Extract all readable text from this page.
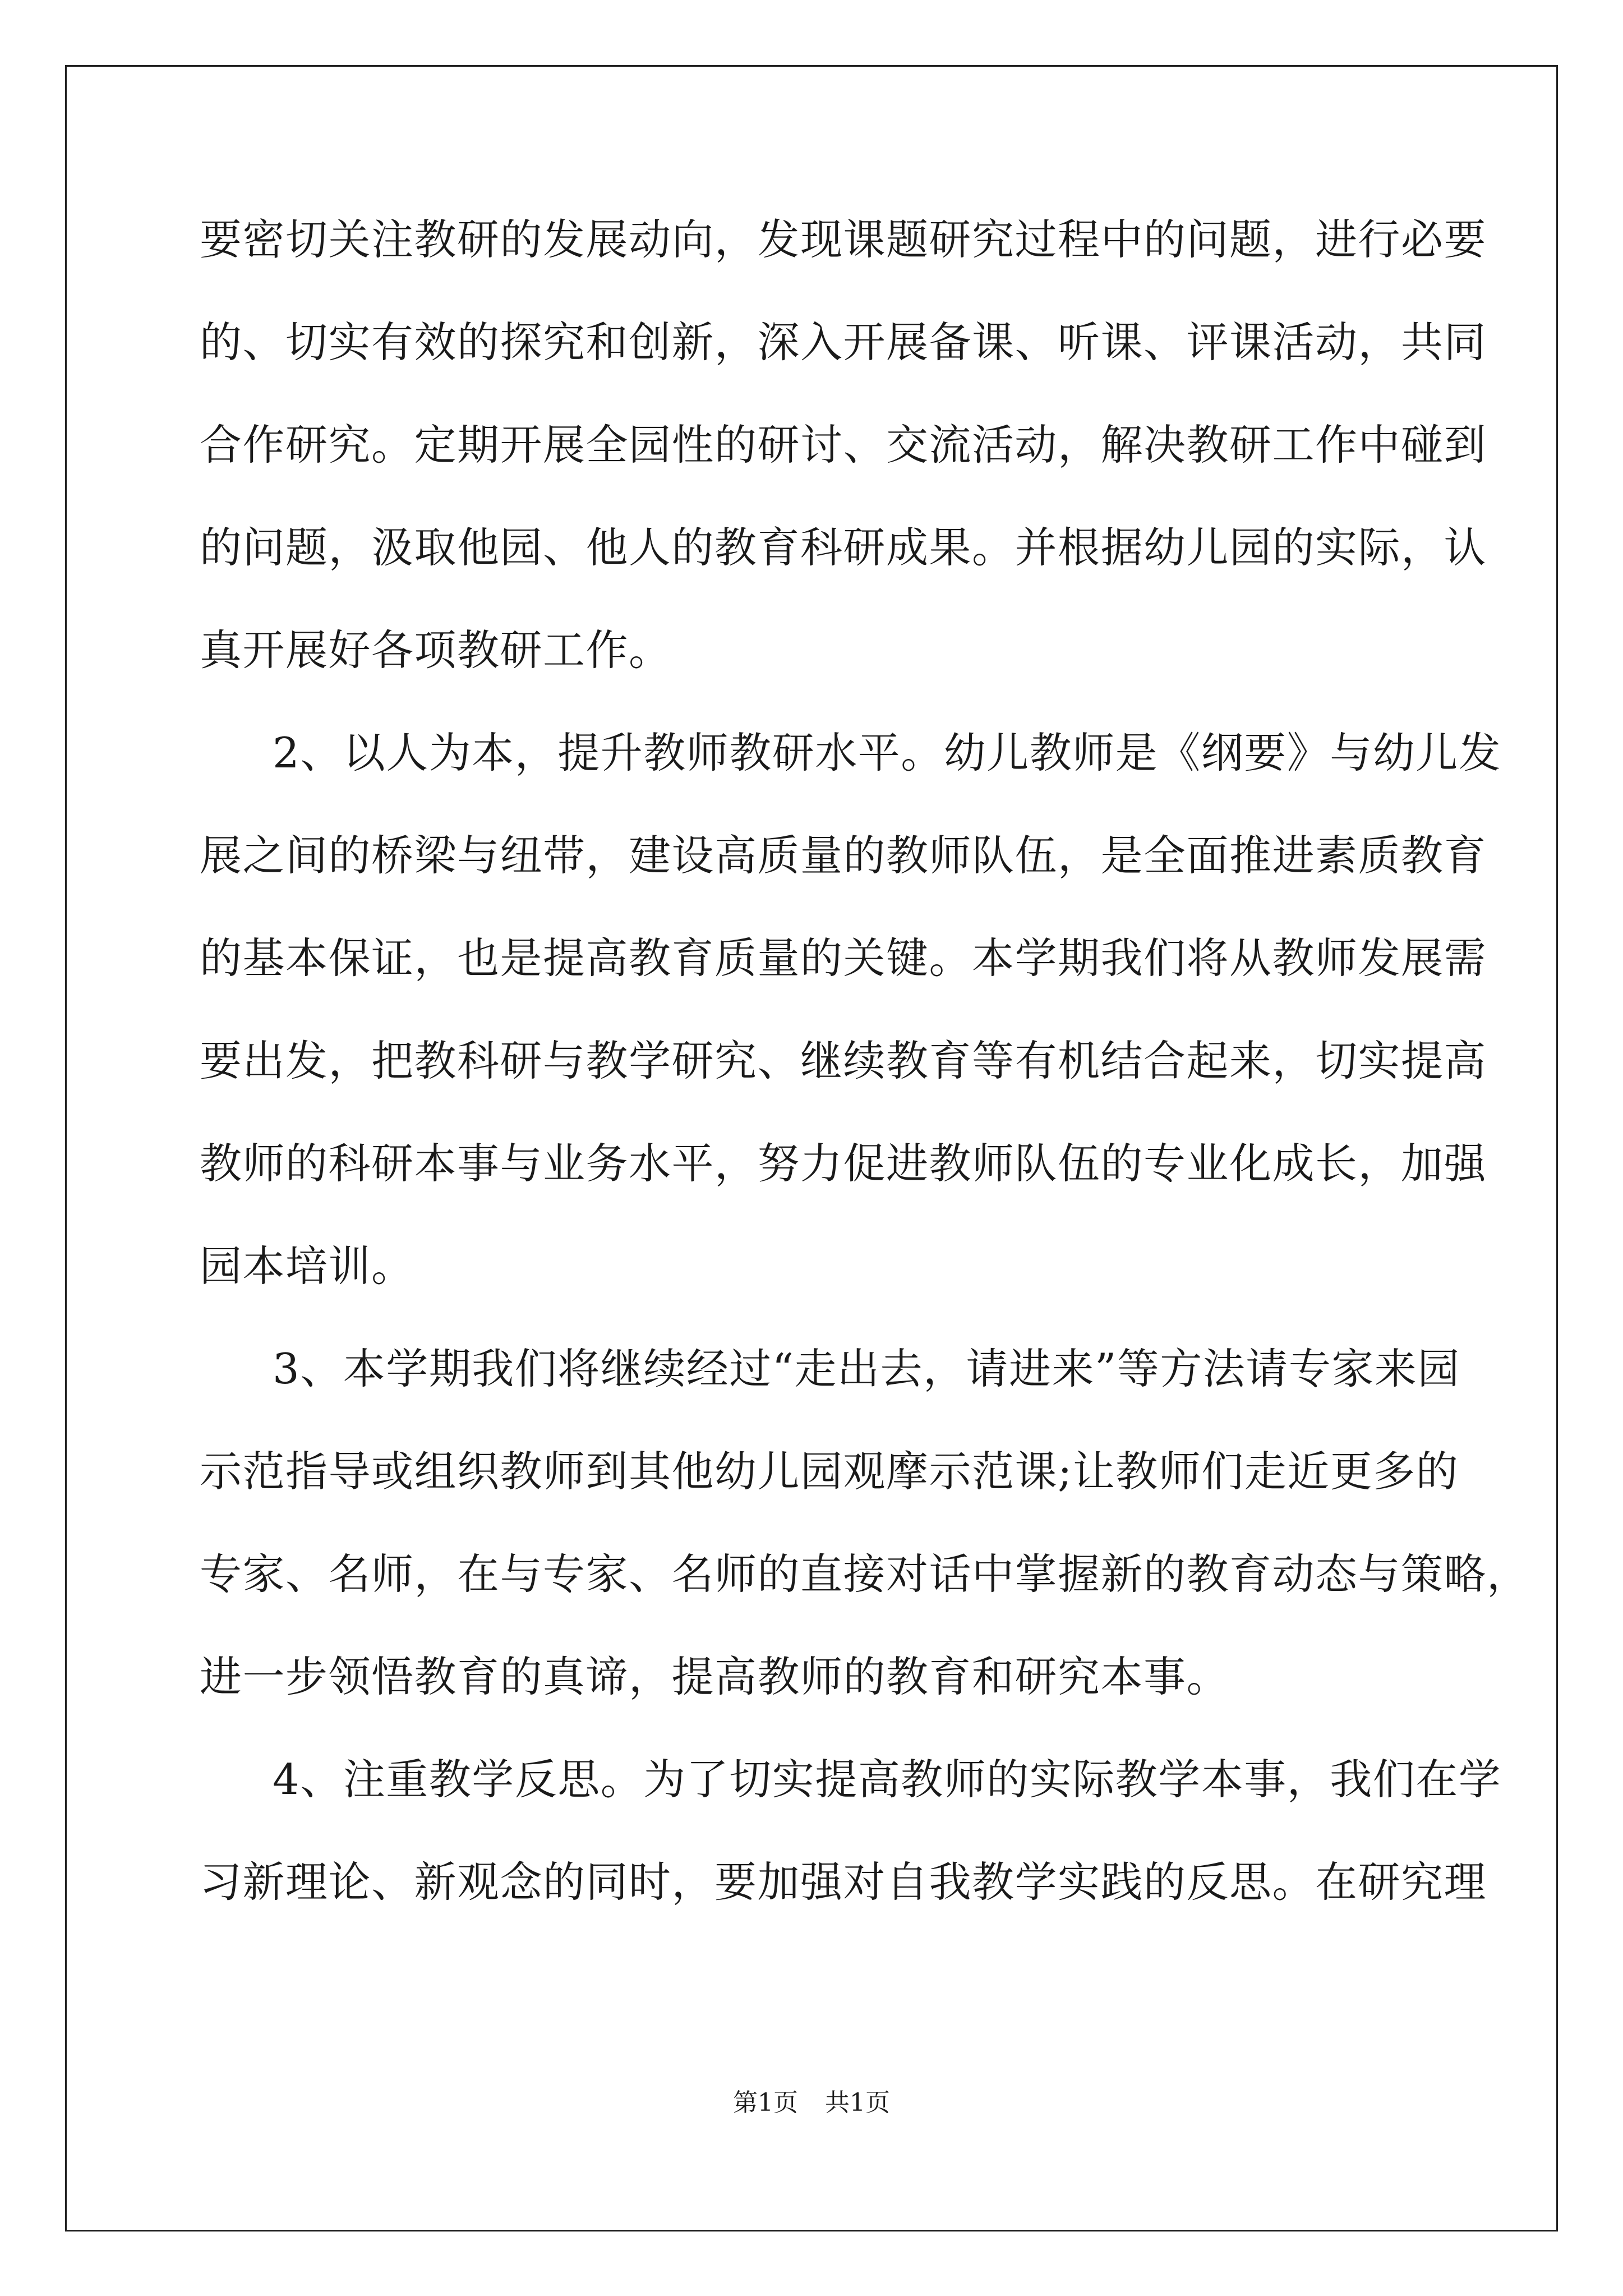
要密切关注教研的发展动向，发现课题研究过程中的问题，进行必要
的、切实有效的探究和创新，深入开展备课、听课、评课活动，共同
合作研究。定期开展全园性的研讨、交流活动，解决教研工作中碰到
的问题，汲取他园、他人的教育科研成果。并根据幼儿园的实际，认
真开展好各项教研工作。
2、以人为本，提升教师教研水平。幼儿教师是《纲要》与幼儿发
展之间的桥梁与纽带，建设高质量的教师队伍，是全面推进素质教育
的基本保证，也是提高教育质量的关键。本学期我们将从教师发展需
要出发，把教科研与教学研究、继续教育等有机结合起来，切实提高
教师的科研本事与业务水平，努力促进教师队伍的专业化成长，加强
园本培训。
3、本学期我们将继续经过“走出去，请进来”等方法请专家来园
示范指导或组织教师到其他幼儿园观摩示范课;让教师们走近更多的
专家、名师，在与专家、名师的直接对话中掌握新的教育动态与策略，
进一步领悟教育的真谛，提高教师的教育和研究本事。
4、注重教学反思。为了切实提高教师的实际教学本事，我们在学
习新理论、新观念的同时，要加强对自我教学实践的反思。在研究理
第1页 共1页
